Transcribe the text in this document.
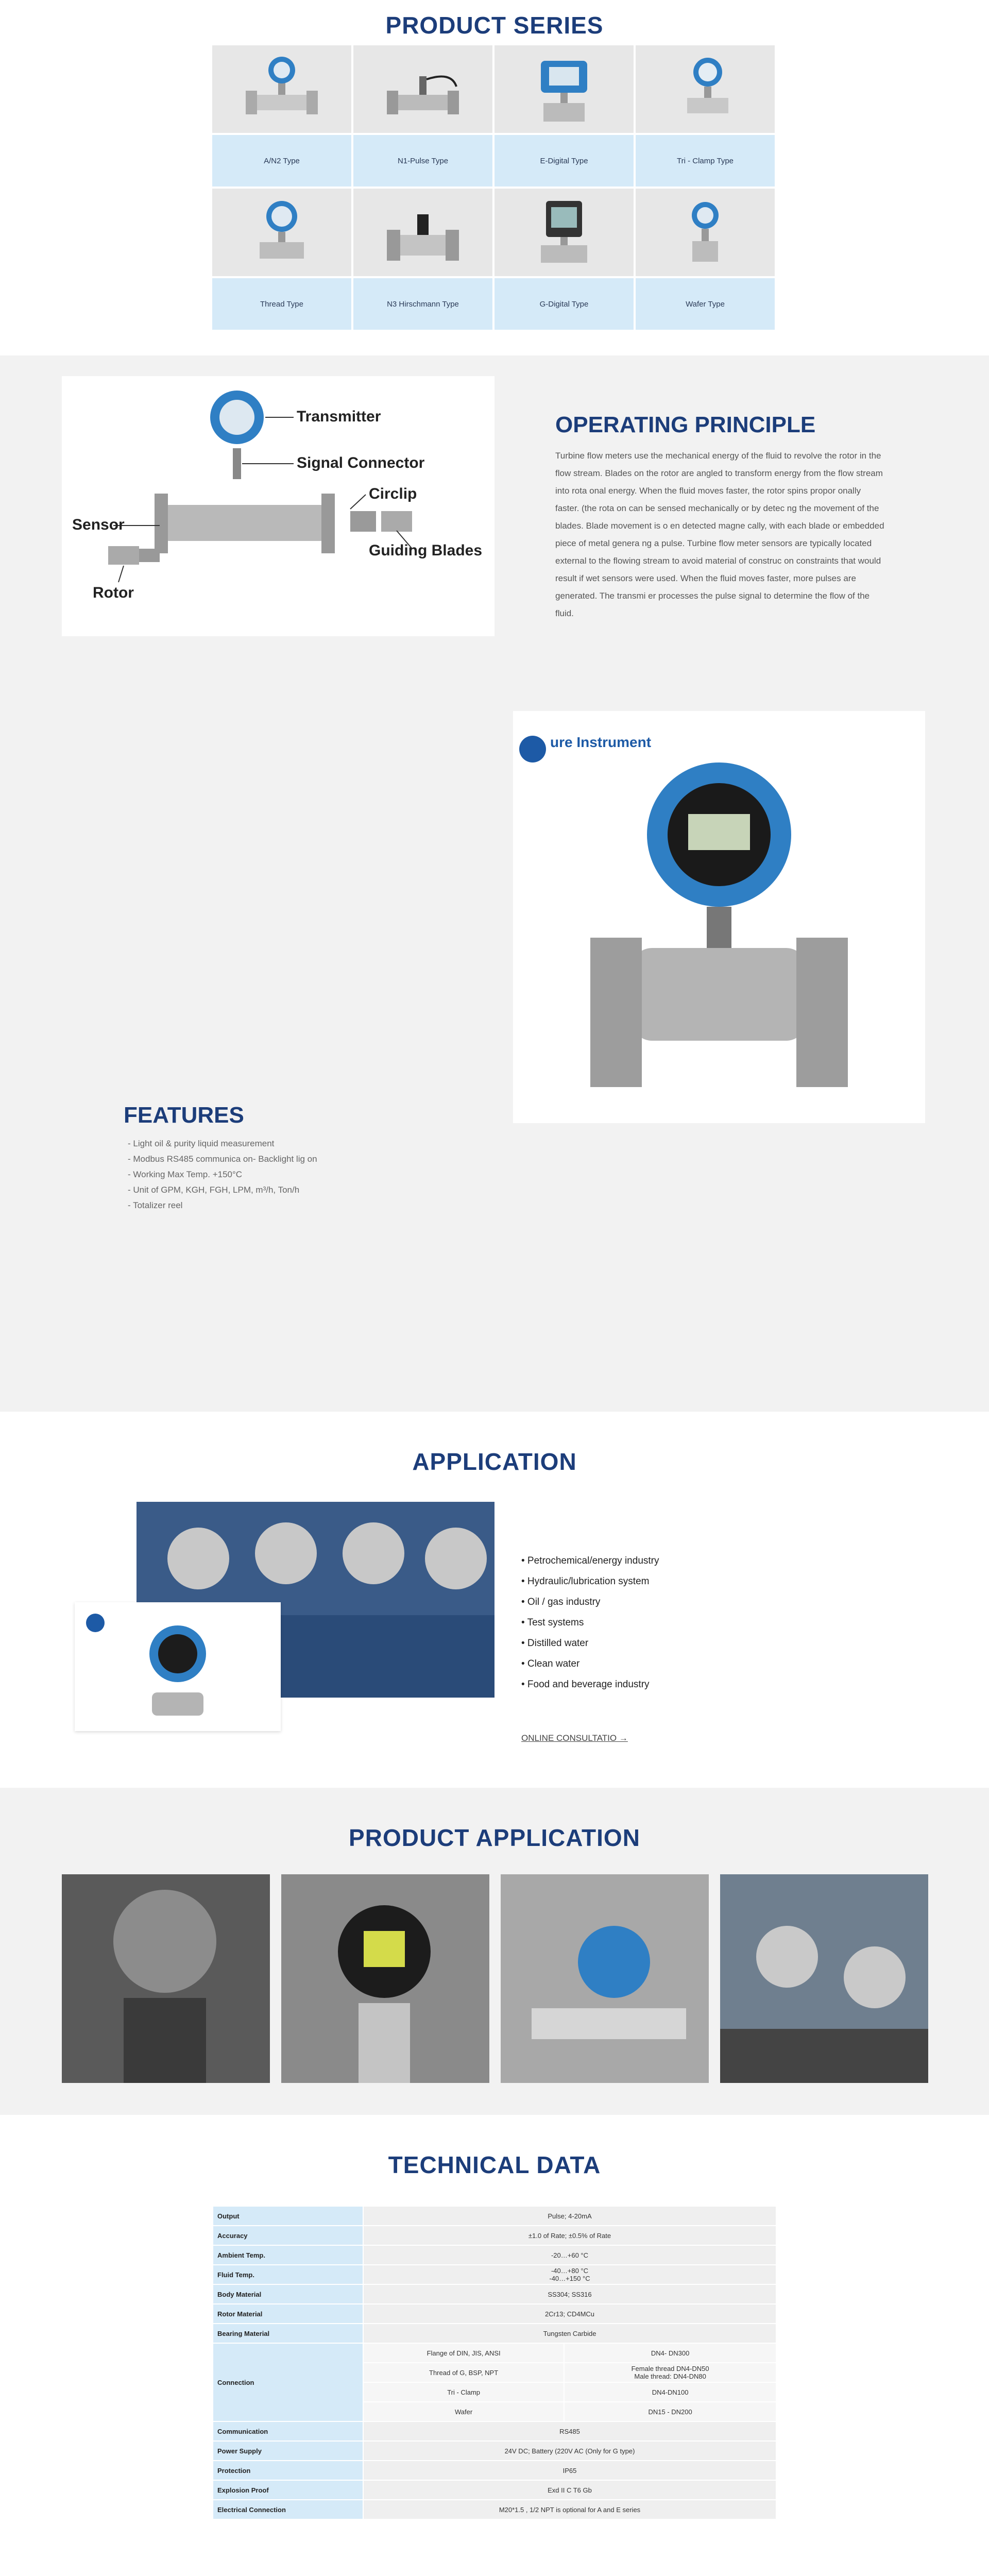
PRODUCT SERIES
A/N2 Type	N1-Pulse Type	E-Digital Type	Tri - Clamp Type
Thread Type	N3 Hirschmann Type	G-Digital Type	Wafer Type
Transmitter
Signal Connector
Sensor
Circlip
Guiding Blades
Rotor
OPERATING PRINCIPLE

Turbine flow meters use the mechanical energy of the fluid to revolve the rotor in the flow stream. Blades on the rotor are angled to transform energy from the flow stream into rota onal energy. When the fluid moves faster, the rotor spins propor onally faster. (the rota on can be sensed mechanically or by detec ng the movement of the blades. Blade movement is o en detected magne cally, with each blade or embedded piece of metal genera ng a pulse. Turbine flow meter sensors are typically located external to the flowing stream to avoid material of construc on constraints that would result if wet sensors were used. When the fluid moves faster, more pulses are generated. The transmi er processes the pulse signal to determine the flow of the fluid.

ure Instrument
FEATURES
- Light oil & purity liquid measurement
- Modbus RS485 communica on- Backlight lig on
- Working Max Temp. +150°C
- Unit of GPM, KGH, FGH, LPM, m³/h, Ton/h
- Totalizer reel
APPLICATION
• Petrochemical/energy industry
• Hydraulic/lubrication system
• Oil / gas industry
• Test systems
• Distilled water
• Clean water
• Food and beverage industry
ONLINE CONSULTATIO →
PRODUCT APPLICATION
TECHNICAL DATA
Output	Pulse; 4-20mA	
Accuracy	±1.0 of Rate; ±0.5% of Rate	
Ambient Temp.	-20…+60 °C	
Fluid Temp.	-40…+80 °C
-40…+150 °C	
Body Material	SS304; SS316	
Rotor Material	2Cr13; CD4MCu	
Bearing Material	Tungsten Carbide	
Connection	Flange of DIN, JIS, ANSI	DN4- DN300
	Thread of G, BSP, NPT	Female thread DN4-DN50
Male thread: DN4-DN80
	Tri - Clamp	DN4-DN100
	Wafer	DN15 - DN200
Communication	RS485	
Power Supply	24V DC; Battery (220V AC (Only for G type)	
Protection	IP65	
Explosion Proof	Exd II C T6 Gb	
Electrical Connection	M20*1.5 , 1/2 NPT is optional for A and E series	
